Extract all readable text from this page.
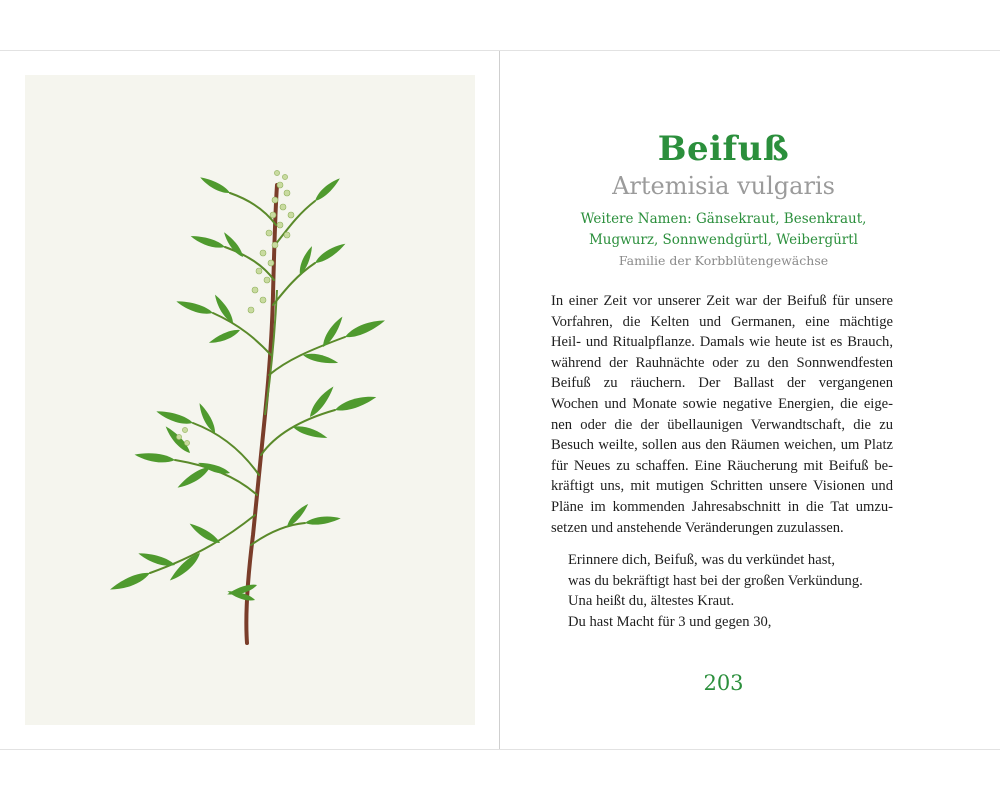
Beifuß
Artemisia vulgaris
Weitere Namen: Gänsekraut, Besenkraut,
Mugwurz, Sonnwendgürtl, Weibergürtl
Familie der Korbblütengewächse
In einer Zeit vor unserer Zeit war der Beifuß für unsere
Vorfahren, die Kelten und Germanen, eine mächtige
Heil- und Ritualpflanze. Damals wie heute ist es Brauch,
während der Rauhnächte oder zu den Sonnwendfesten
Beifuß zu räuchern. Der Ballast der vergangenen
Wochen und Monate sowie negative Energien, die eige-
nen oder die der übellaunigen Verwandtschaft, die zu
Besuch weilte, sollen aus den Räumen weichen, um Platz
für Neues zu schaffen. Eine Räucherung mit Beifuß be-
kräftigt uns, mit mutigen Schritten unsere Visionen und
Pläne im kommenden Jahresabschnitt in die Tat umzu-
setzen und anstehende Veränderungen zuzulassen.
Erinnere dich, Beifuß, was du verkündet hast,
was du bekräftigt hast bei der großen Verkündung.
Una heißt du, ältestes Kraut.
Du hast Macht für 3 und gegen 30,
203
